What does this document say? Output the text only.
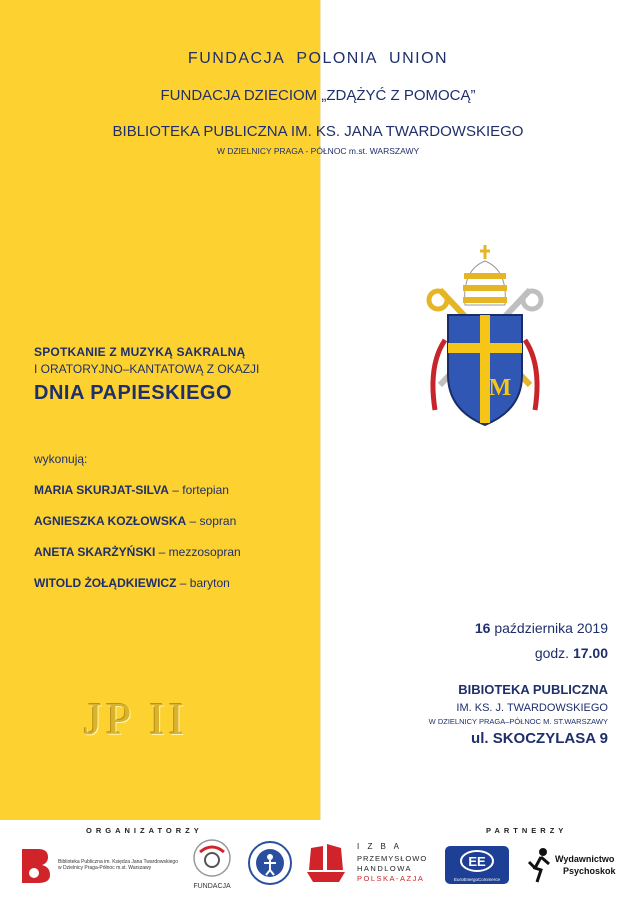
FUNDACJA POLONIA UNION
FUNDACJA DZIECIOM „ZDĄŻYĆ Z POMOCĄ”
BIBLIOTEKA PUBLICZNA IM. KS. JANA TWARDOWSKIEGO
W DZIELNICY PRAGA - PÓŁNOC m.st. WARSZAWY
M
SPOTKANIE Z MUZYKĄ SAKRALNĄ
I ORATORYJNO–KANTATOWĄ Z OKAZJI
DNIA PAPIESKIEGO
wykonują:
MARIA SKURJAT-SILVA – fortepian
AGNIESZKA KOZŁOWSKA – sopran
ANETA SKARŻYŃSKI – mezzosopran
WITOLD ŻOŁĄDKIEWICZ – baryton
JP II
16 października 2019
godz. 17.00
BIBIOTEKA PUBLICZNA
IM. KS. J. TWARDOWSKIEGO
W DZIELNICY PRAGA–PÓŁNOC M. ST.WARSZAWY
ul. SKOCZYLASA 9
ORGANIZATORZY	PARTNERZY
Biblioteka Publiczna im. Księdza Jana Twardowskiego
w Dzielnicy Praga-Północ m.st. Warszawy
FUNDACJA
I Z B A
PRZEMYSŁOWO
HANDLOWA
POLSKA-AZJA
EE
EuroEnergoCommerce
Wydawnictwo
Psychoskok
